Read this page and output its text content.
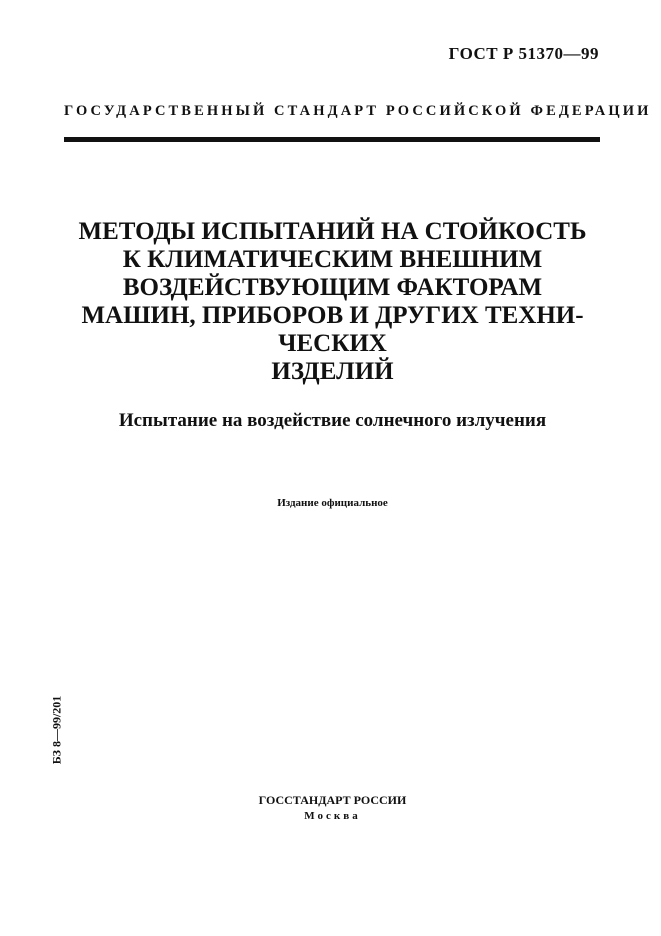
ГОСТ Р 51370—99
ГОСУДАРСТВЕННЫЙ СТАНДАРТ РОССИЙСКОЙ ФЕДЕРАЦИИ
МЕТОДЫ ИСПЫТАНИЙ НА СТОЙКОСТЬ
К КЛИМАТИЧЕСКИМ ВНЕШНИМ
ВОЗДЕЙСТВУЮЩИМ ФАКТОРАМ
МАШИН, ПРИБОРОВ И ДРУГИХ ТЕХНИ-
ЧЕСКИХ
ИЗДЕЛИЙ
Испытание на воздействие солнечного излучения
Издание официальное
БЗ 8—99/201
ГОССТАНДАРТ РОССИИ
Москва
